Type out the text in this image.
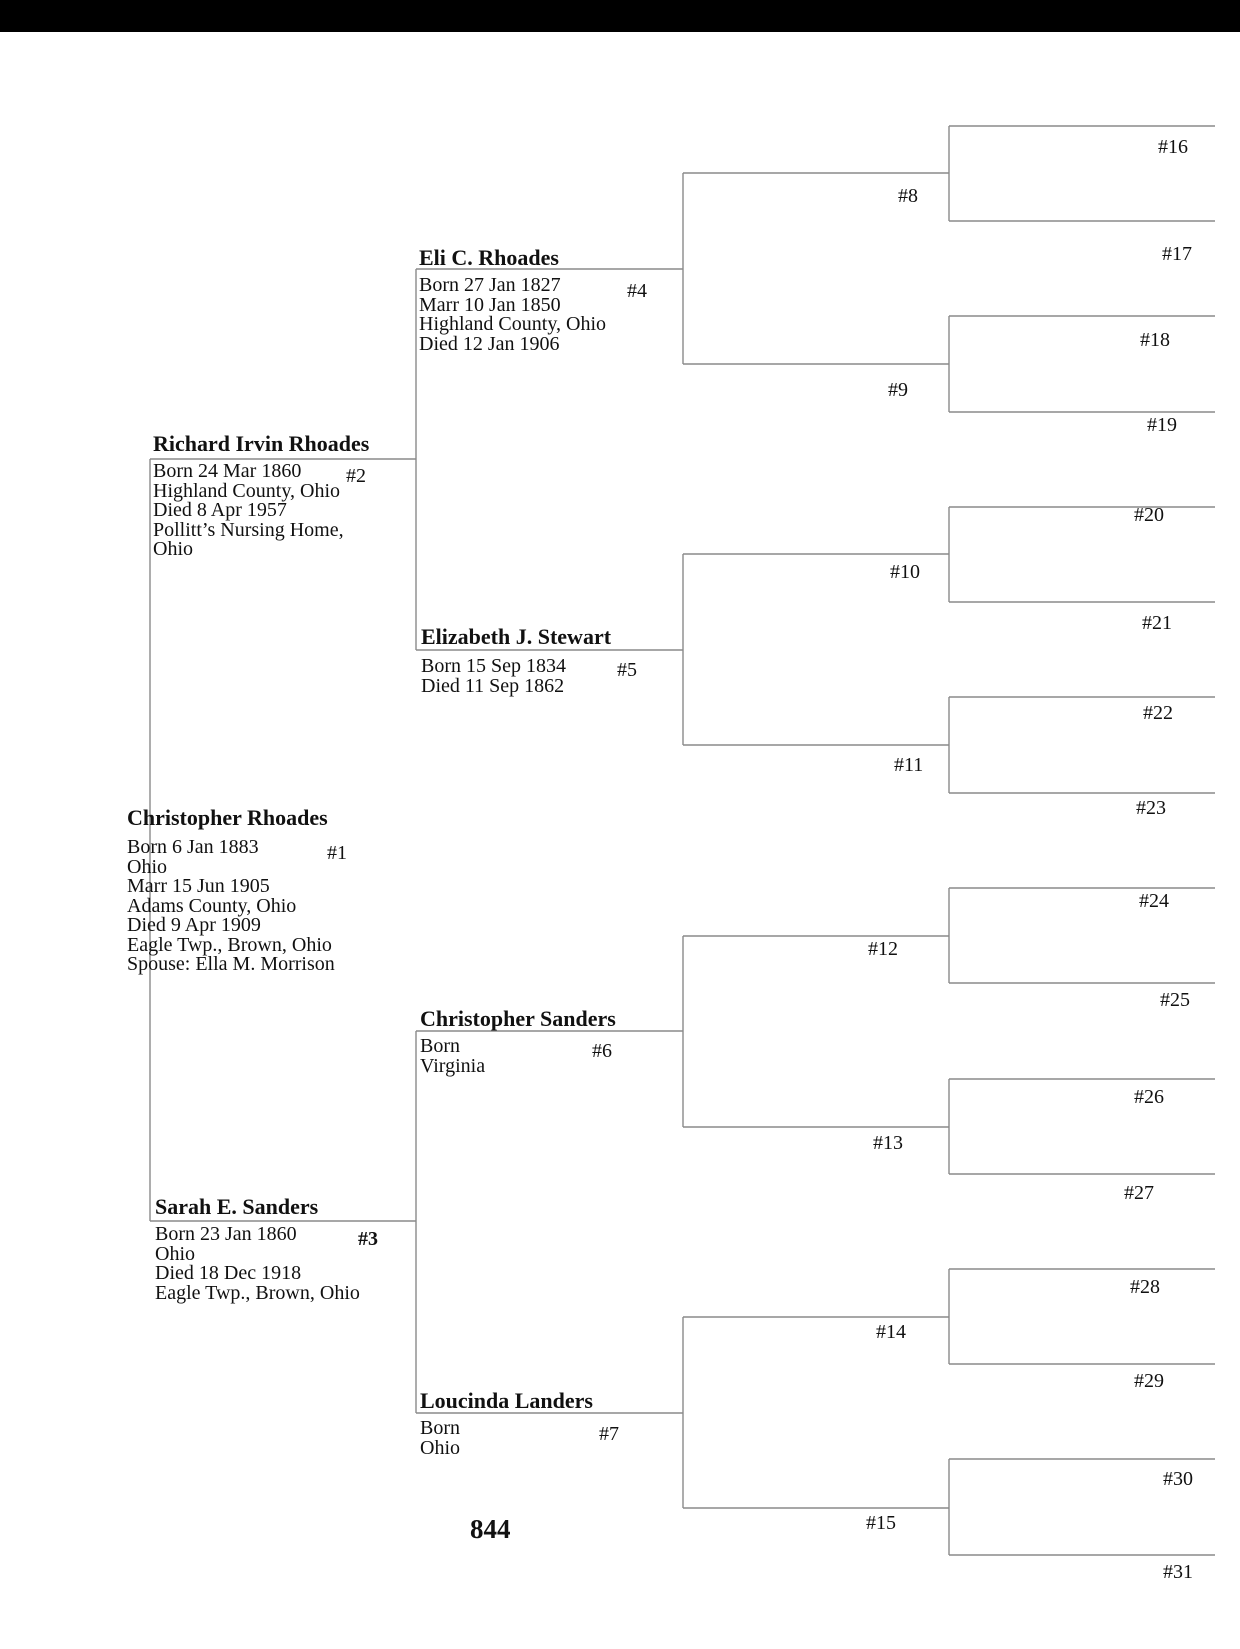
Christopher Rhoades
Born 6 Jan 1883
Ohio
Marr 15 Jun 1905
Adams County, Ohio
Died 9 Apr 1909
Eagle Twp., Brown, Ohio
Spouse: Ella M. Morrison
#1
Richard Irvin Rhoades
Born 24 Mar 1860
Highland County, Ohio
Died 8 Apr 1957
Pollitt’s Nursing Home,
Ohio
#2
Sarah E. Sanders
Born 23 Jan 1860
Ohio
Died 18 Dec 1918
Eagle Twp., Brown, Ohio
#3
Eli C. Rhoades
Born 27 Jan 1827
Marr 10 Jan 1850
Highland County, Ohio
Died 12 Jan 1906
#4
Elizabeth J. Stewart
Born 15 Sep 1834
Died 11 Sep 1862
#5
Christopher Sanders
Born
Virginia
#6
Loucinda Landers
Born
Ohio
#7
#8
#9
#10
#11
#12
#13
#14
#15
#16
#17
#18
#19
#20
#21
#22
#23
#24
#25
#26
#27
#28
#29
#30
#31
844
